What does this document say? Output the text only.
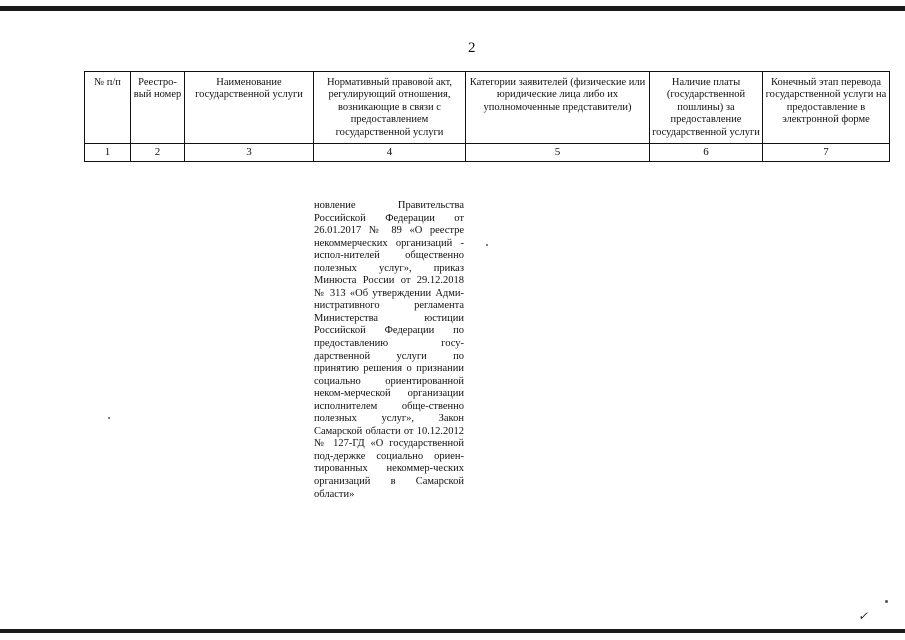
2
№ п/п	Реестро-вый номер	Наименование государственной услуги	Нормативный правовой акт, регулирующий отношения, возникающие в связи с предоставлением государственной услуги	Категории заявителей (физические или юридические лица либо их уполномоченные представители)	Наличие платы (государственной пошлины) за предоставление государственной услуги	Конечный этап перевода государственной услуги на предоставление в электронной форме
1	2	3	4	5	6	7
новление Правительства Российской Федерации от 26.01.2017 № 89 «О реестре некоммерческих организаций - испол-нителей общественно полезных услуг», приказ Минюста России от 29.12.2018 № 313 «Об утверждении Адми-нистративного регламента Министерства юстиции Российской Федерации по предоставлению госу-дарственной услуги по принятию решения о признании социально ориентированной неком-мерческой организации исполнителем обще-ственно полезных услуг», Закон Самарской области от 10.12.2012 № 127-ГД «О государственной под-держке социально ориен-тированных некоммер-ческих организаций в Самарской области»
✓
